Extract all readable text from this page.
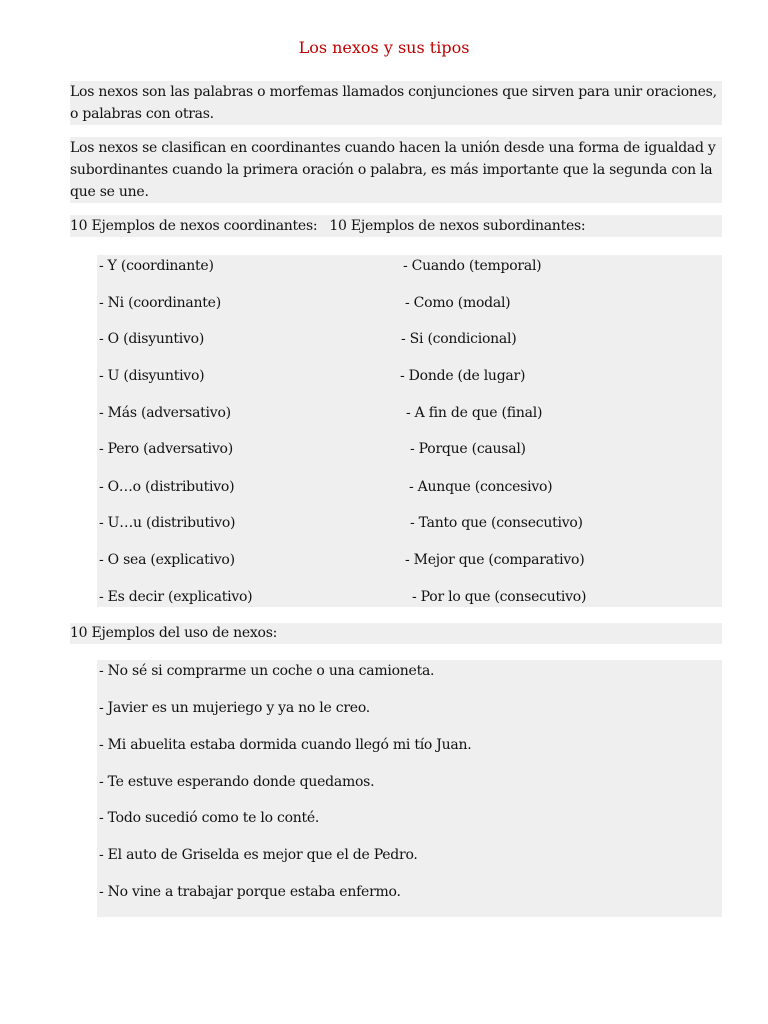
Los nexos y sus tipos

Los nexos son las palabras o morfemas llamados conjunciones que sirven para unir oraciones, o palabras con otras.

Los nexos se clasifican en coordinantes cuando hacen la unión desde una forma de igualdad y subordinantes cuando la primera oración o palabra, es más importante que la segunda con la que se une.

10 Ejemplos de nexos coordinantes: 10 Ejemplos de nexos subordinantes:

- Y (coordinante)	- Cuando (temporal)
- Ni (coordinante)	- Como (modal)
- O (disyuntivo)	- Si (condicional)
- U (disyuntivo)	- Donde (de lugar)
- Más (adversativo)	- A fin de que (final)
- Pero (adversativo)	- Porque (causal)
- O…o (distributivo)	- Aunque (concesivo)
- U…u (distributivo)	- Tanto que (consecutivo)
- O sea (explicativo)	- Mejor que (comparativo)
- Es decir (explicativo)	- Por lo que (consecutivo)
10 Ejemplos del uso de nexos:
- No sé si comprarme un coche o una camioneta.
- Javier es un mujeriego y ya no le creo.
- Mi abuelita estaba dormida cuando llegó mi tío Juan.
- Te estuve esperando donde quedamos.
- Todo sucedió como te lo conté.
- El auto de Griselda es mejor que el de Pedro.
- No vine a trabajar porque estaba enfermo.
